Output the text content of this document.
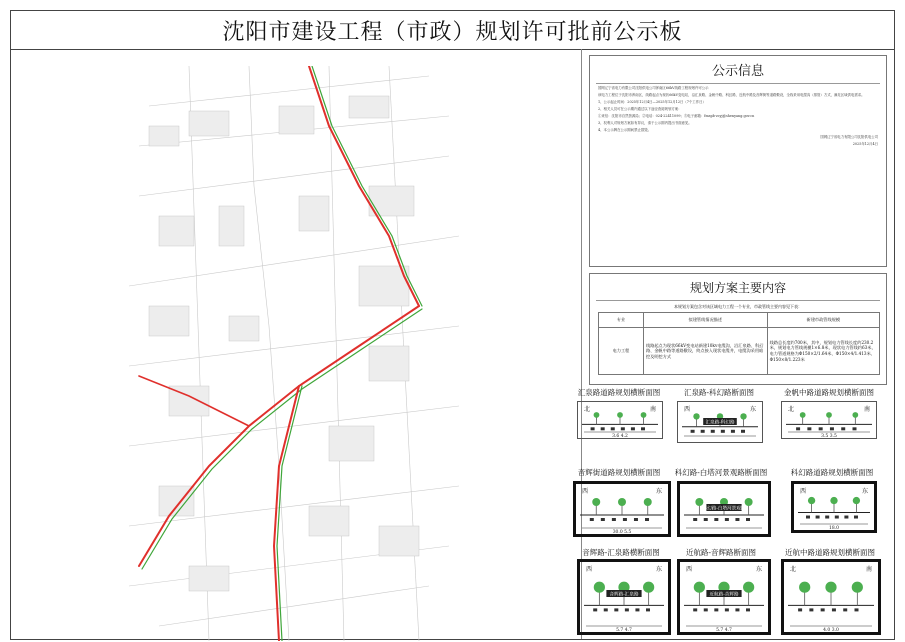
沈阳市建设工程（市政）规划许可批前公示板
公示信息

国网辽宁省电力有限公司沈阳供电公司浑南区66kV线路工程规划许可公示

该电力工程位于沈阳市浑南区，线路起点为现状66kV变电站，沿汇泉路、金帆中路、科幻路、近航中路及音辉街等道路敷设，全线采用电缆沟（排管）方式，满足区域供电需求。

1、公示起止时间：2025年12月4日—2025年12月12日（7个工作日）

2、相关人员可在公示期内通过以下途径查阅规划方案：

①来信：沈阳市自然资源局；②电话：024-22411099；③电子邮箱：fmspb-zcyj@shenyang.gov.cn

3、权利人对规划方案如有异议，请于公示期内提出书面意见。

4、本公示牌在公示期间禁止损毁。

国网辽宁省电力有限公司沈阳供电公司

2025年12月4日

规划方案主要内容
本规划方案包含对该区域电力工程一个专业，市政管线主要内容见下表：
专业	拟建管线情况描述	新建市政管线规模
电力工程	线路起点为现状66kV变电站新建10kv电缆沟，沿汇泉路、科幻路、金帆中路等道路敷设，终点接入现状电缆井，电缆沟采用暗挖及明挖方式	线路总长度约700米，其中，规划电力管线长度约230.2米，规划电力管线规模1×6.8米，现状电力管线约63米，电力管道规格为Φ150×2/1.64米、Φ150×4/1.413米、Φ150×8/1.223米
汇泉路道路规划横断面图
北	南
3.6 4.2
汇泉路-科幻路断面图
西	东
汇泉路-科幻路
金帆中路道路规划横断面图
北	南
3.5 3.5
音辉街道路规划横断面图
西	东
30.0 5.5
科幻路-白塔河景观路断面图
科幻路-白塔河景观路
科幻路道路规划横断面图
西	东
18.0
音辉路-汇泉路横断面图
西	东
音辉路-汇泉路
5.7 4.7
近航路-音辉路断面图
西	东
近航路-音辉路
5.7 4.7
近航中路道路规划横断面图
北	南
4.0 3.0
